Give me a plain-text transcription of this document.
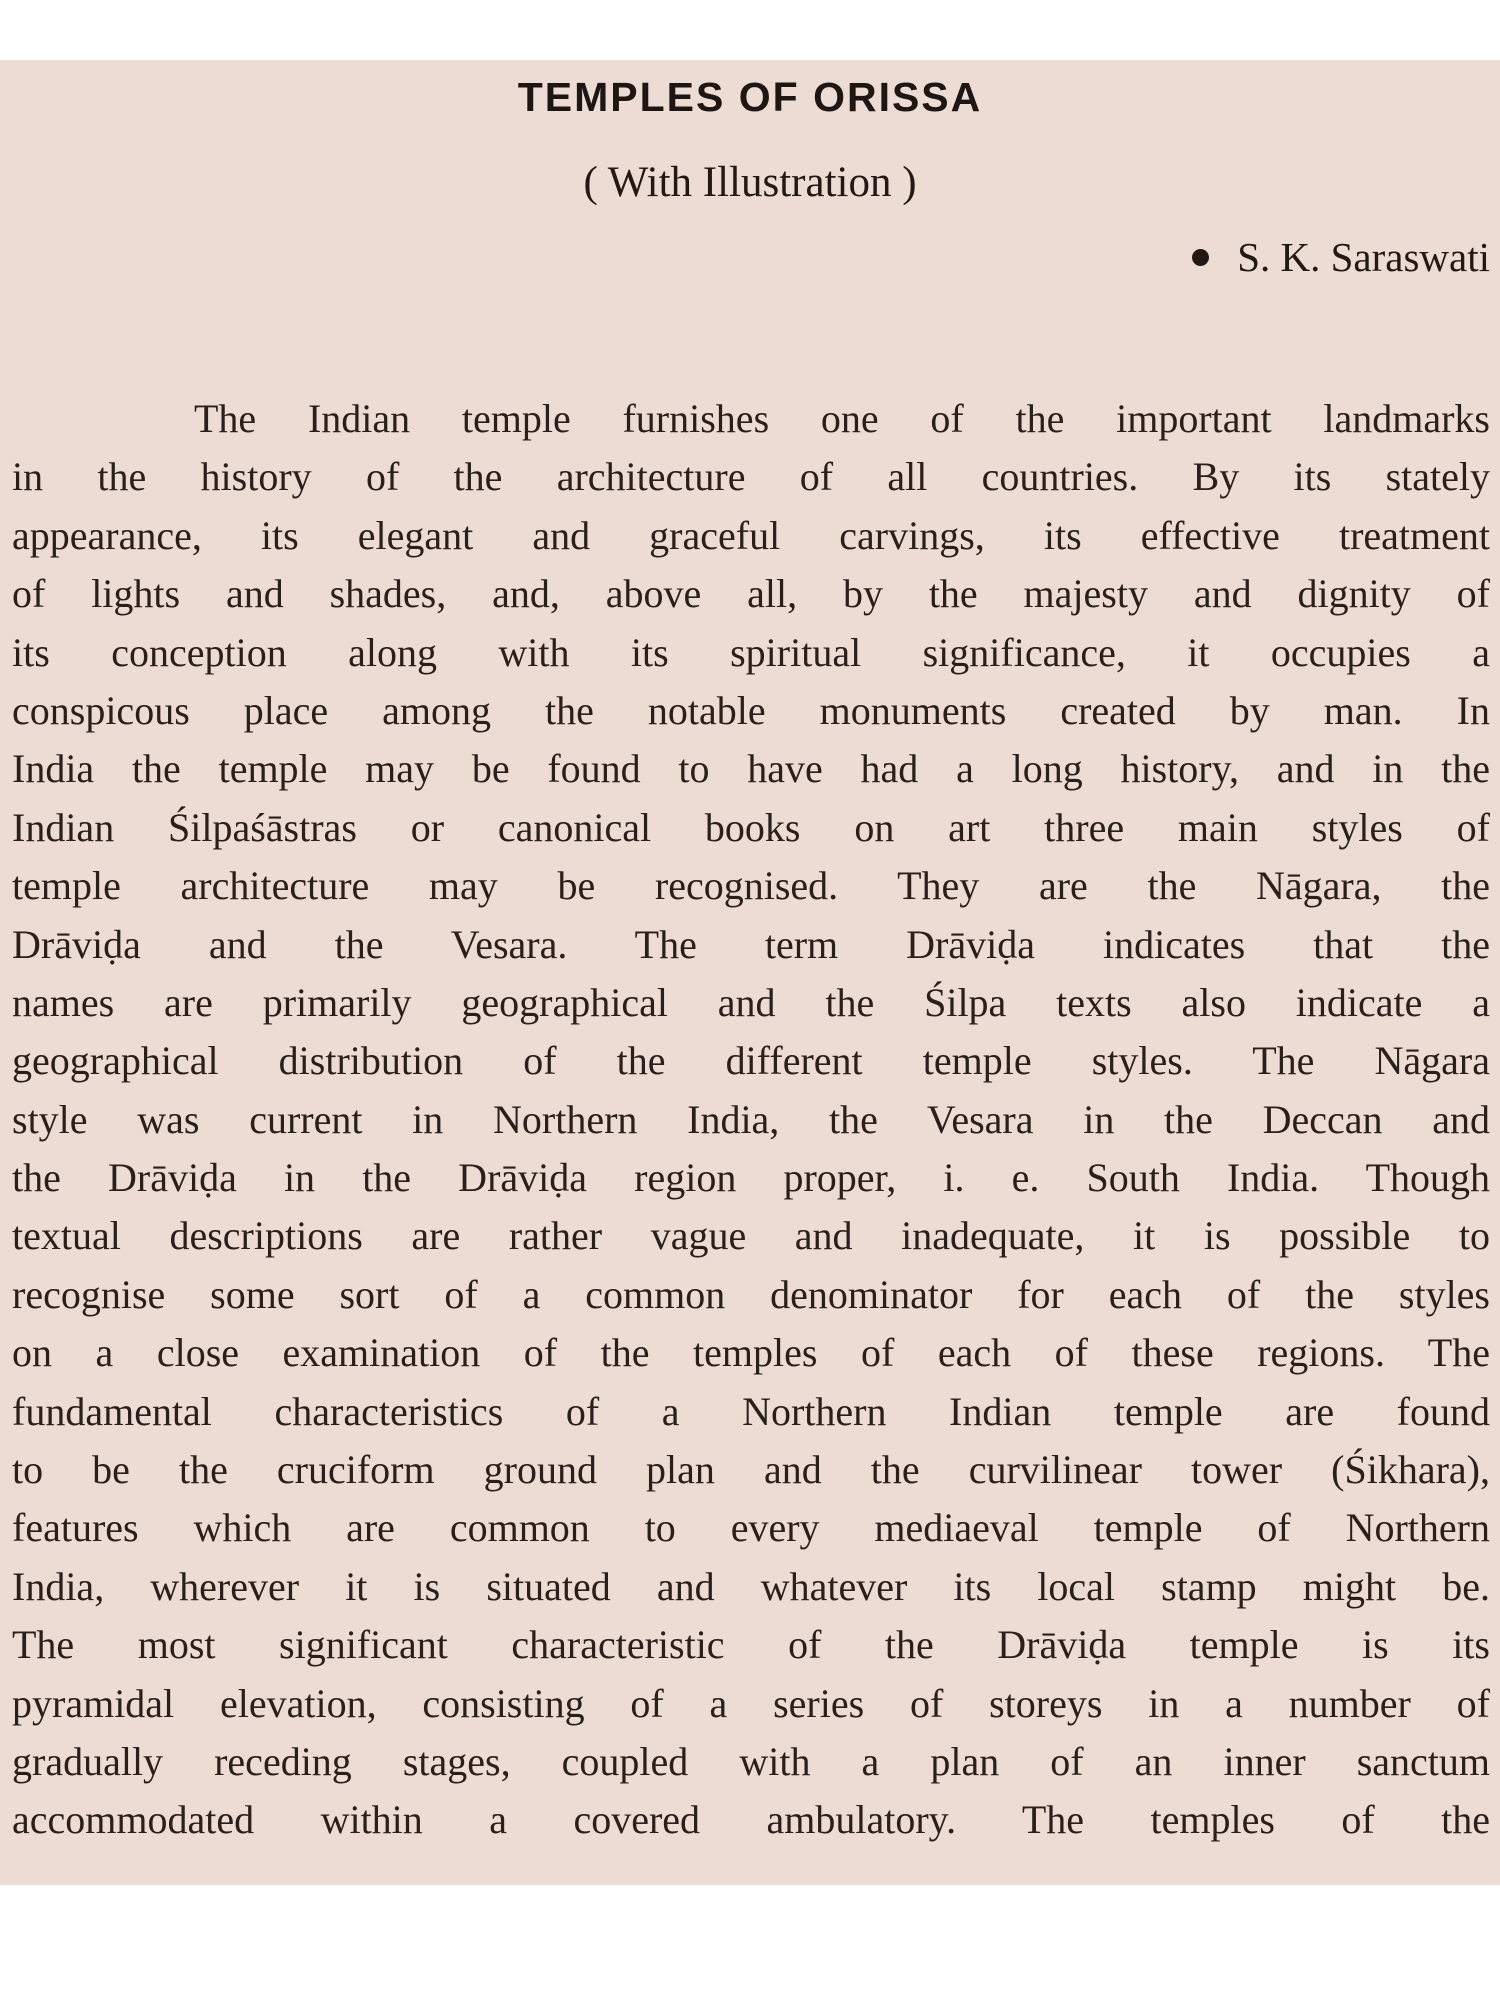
TEMPLES OF ORISSA
( With Illustration )
S. K. Saraswati
The Indian temple furnishes one of the important landmarks
in the history of the architecture of all countries. By its stately
appearance, its elegant and graceful carvings, its effective treatment
of lights and shades, and, above all, by the majesty and dignity of
its conception along with its spiritual significance, it occupies a
conspicous place among the notable monuments created by man. In
India the temple may be found to have had a long history, and in the
Indian Śilpaśāstras or canonical books on art three main styles of
temple architecture may be recognised. They are the Nāgara, the
Drāviḍa and the Vesara. The term Drāviḍa indicates that the
names are primarily geographical and the Śilpa texts also indicate a
geographical distribution of the different temple styles. The Nāgara
style was current in Northern India, the Vesara in the Deccan and
the Drāviḍa in the Drāviḍa region proper, i. e. South India. Though
textual descriptions are rather vague and inadequate, it is possible to
recognise some sort of a common denominator for each of the styles
on a close examination of the temples of each of these regions. The
fundamental characteristics of a Northern Indian temple are found
to be the cruciform ground plan and the curvilinear tower (Śikhara),
features which are common to every mediaeval temple of Northern
India, wherever it is situated and whatever its local stamp might be.
The most significant characteristic of the Drāviḍa temple is its
pyramidal elevation, consisting of a series of storeys in a number of
gradually receding stages, coupled with a plan of an inner sanctum
accommodated within a covered ambulatory. The temples of the
